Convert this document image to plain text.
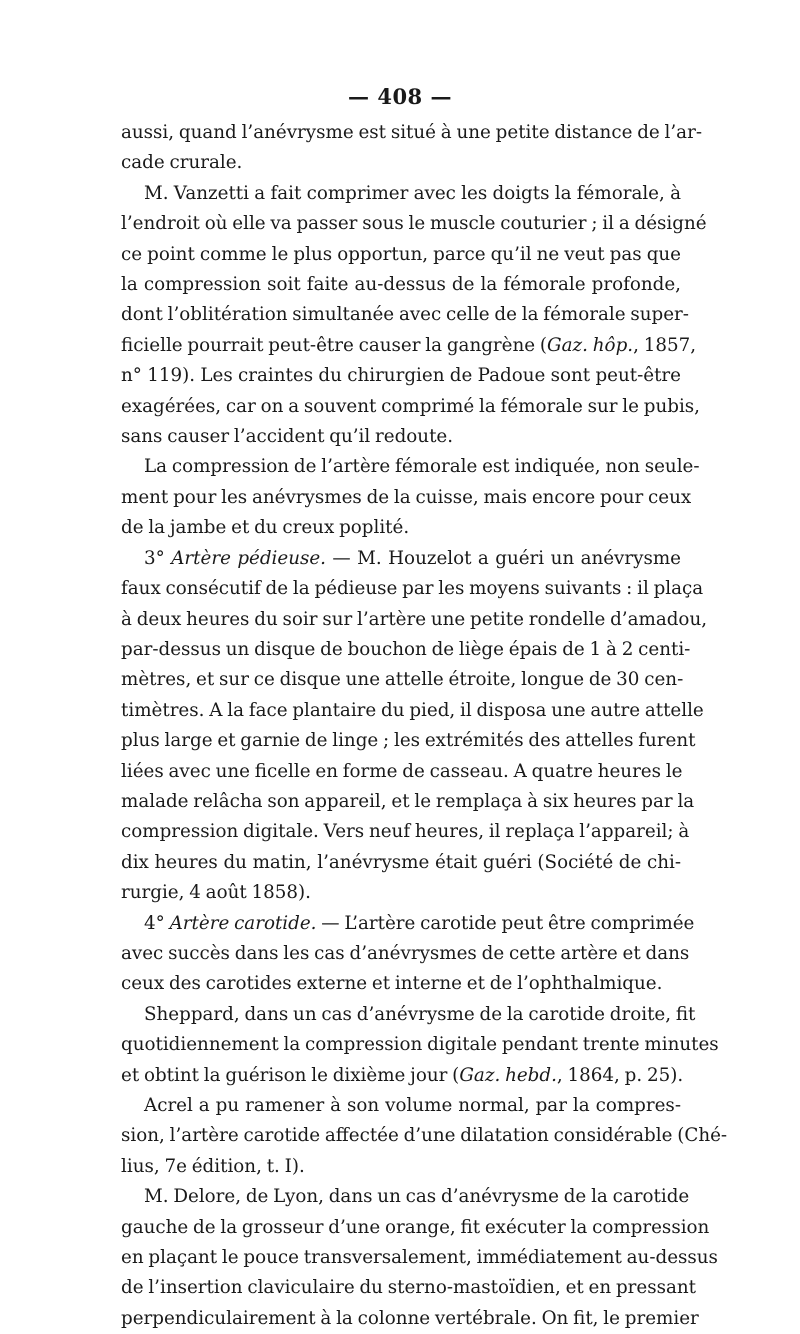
— 408 —
aussi, quand l’anévrysme est situé à une petite distance de l’ar-
cade crurale.
M. Vanzetti a fait comprimer avec les doigts la fémorale, à
l’endroit où elle va passer sous le muscle couturier ; il a désigné
ce point comme le plus opportun, parce qu’il ne veut pas que
la compression soit faite au-dessus de la fémorale profonde,
dont l’oblitération simultanée avec celle de la fémorale super-
ficielle pourrait peut-être causer la gangrène (Gaz. hôp., 1857,
n° 119). Les craintes du chirurgien de Padoue sont peut-être
exagérées, car on a souvent comprimé la fémorale sur le pubis,
sans causer l’accident qu’il redoute.
La compression de l’artère fémorale est indiquée, non seule-
ment pour les anévrysmes de la cuisse, mais encore pour ceux
de la jambe et du creux poplité.
3° Artère pédieuse. — M. Houzelot a guéri un anévrysme
faux consécutif de la pédieuse par les moyens suivants : il plaça
à deux heures du soir sur l’artère une petite rondelle d’amadou,
par-dessus un disque de bouchon de liège épais de 1 à 2 centi-
mètres, et sur ce disque une attelle étroite, longue de 30 cen-
timètres. A la face plantaire du pied, il disposa une autre attelle
plus large et garnie de linge ; les extrémités des attelles furent
liées avec une ficelle en forme de casseau. A quatre heures le
malade relâcha son appareil, et le remplaça à six heures par la
compression digitale. Vers neuf heures, il replaça l’appareil; à
dix heures du matin, l’anévrysme était guéri (Société de chi-
rurgie, 4 août 1858).
4° Artère carotide. — L’artère carotide peut être comprimée
avec succès dans les cas d’anévrysmes de cette artère et dans
ceux des carotides externe et interne et de l’ophthalmique.
Sheppard, dans un cas d’anévrysme de la carotide droite, fit
quotidiennement la compression digitale pendant trente minutes
et obtint la guérison le dixième jour (Gaz. hebd., 1864, p. 25).
Acrel a pu ramener à son volume normal, par la compres-
sion, l’artère carotide affectée d’une dilatation considérable (Ché-
lius, 7e édition, t. I).
M. Delore, de Lyon, dans un cas d’anévrysme de la carotide
gauche de la grosseur d’une orange, fit exécuter la compression
en plaçant le pouce transversalement, immédiatement au-dessus
de l’insertion claviculaire du sterno-mastoïdien, et en pressant
perpendiculairement à la colonne vertébrale. On fit, le premier
